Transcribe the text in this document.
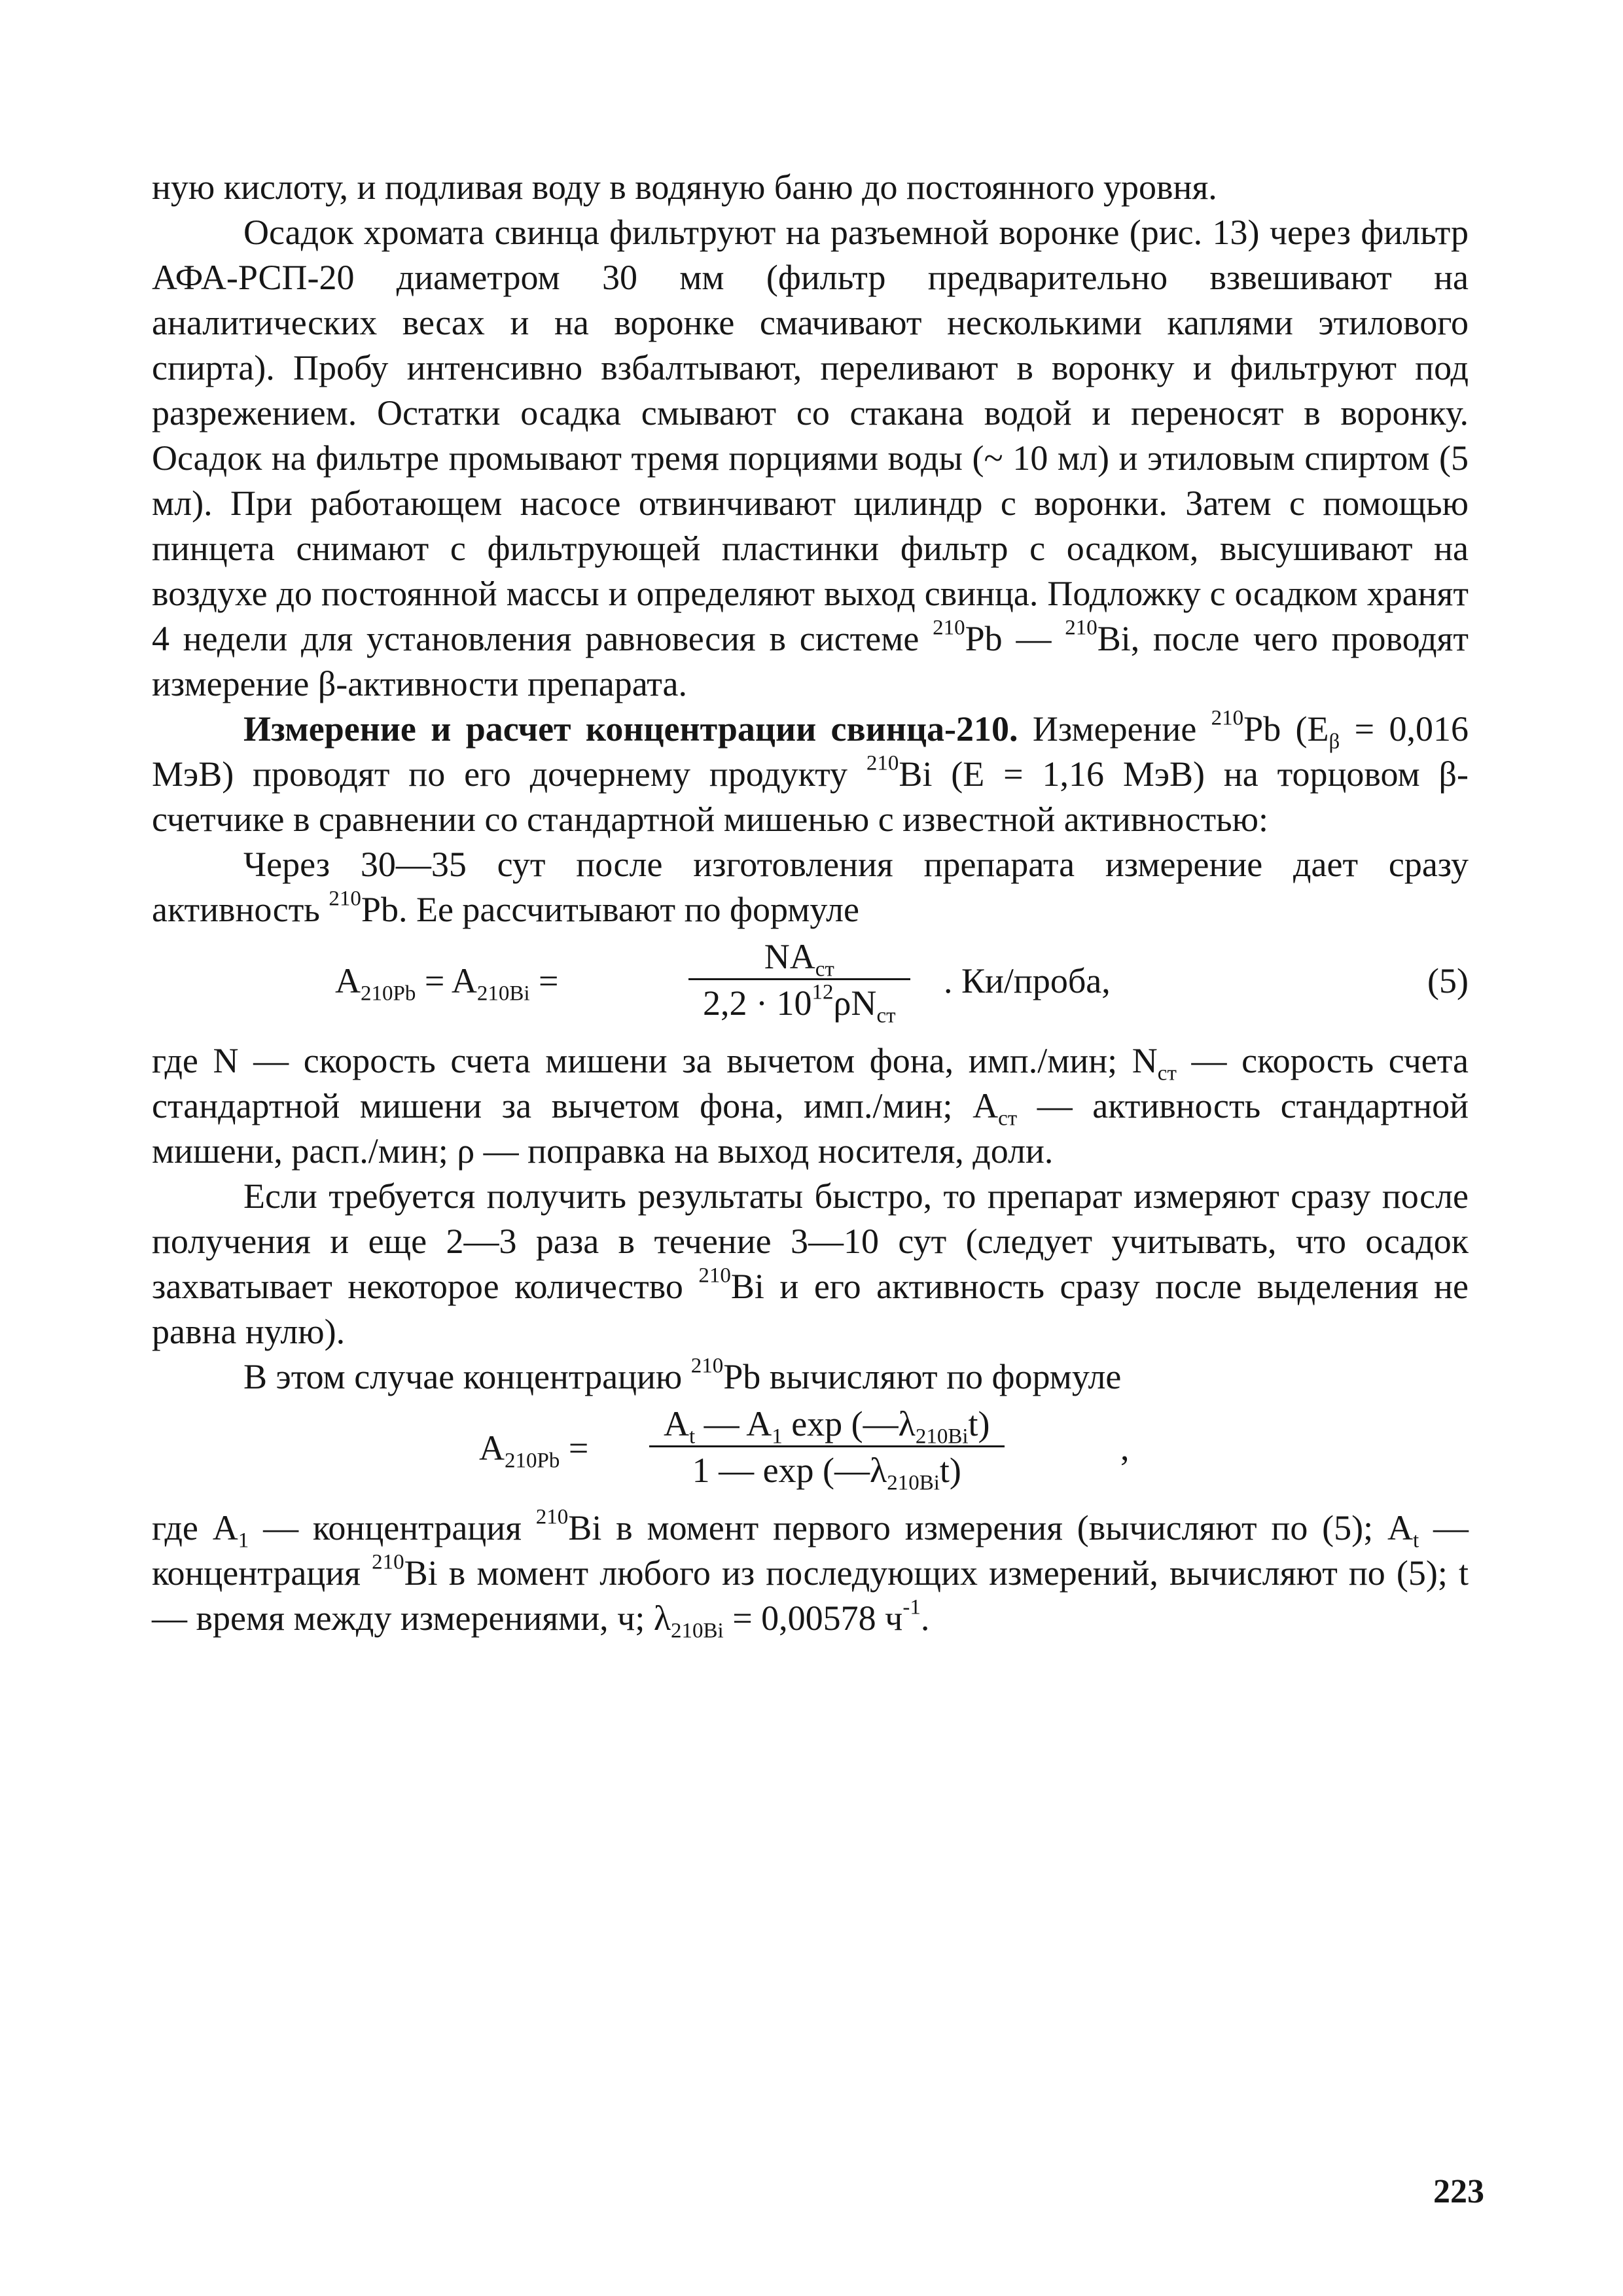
ную кислоту, и подливая воду в водяную баню до постоянного уровня.

Осадок хромата свинца фильтруют на разъемной воронке (рис. 13) через фильтр АФА-РСП-20 диаметром 30 мм (фильтр предварительно взвешивают на аналитических весах и на воронке смачивают несколькими каплями этилового спирта). Пробу интенсивно взбалтывают, переливают в воронку и фильтруют под разрежением. Остатки осадка смывают со стакана водой и переносят в воронку. Осадок на фильтре промывают тремя порциями воды (~ 10 мл) и этиловым спиртом (5 мл). При работающем насосе отвинчивают цилиндр с воронки. Затем с помощью пинцета снимают с фильтрующей пластинки фильтр с осадком, высушивают на воздухе до постоянной массы и определяют выход свинца. Подложку с осадком хранят 4 недели для установления равновесия в системе $^{210}$Pb — $^{210}$Bi, после чего проводят измерение β-активности препарата.

Измерение и расчет концентрации свинца-210. Измерение $^{210}$Pb ($E_\beta = 0,016$ МэВ) проводят по его дочернему продукту $^{210}$Bi (E = 1,16 МэВ) на торцовом β-счетчике в сравнении со стандартной мишенью с известной активностью:

Через 30—35 сут после изготовления препарата измерение дает сразу активность $^{210}$Pb. Ее рассчитывают по формуле

$A_{210Pb} = A_{210Bi}$ =
$NA_{ст}$
$2,2 \cdot 10^{12}\rho N_{ст}$
. Ки/проба,	(5)

где N — скорость счета мишени за вычетом фона, имп./мин; $N_{ст}$ — скорость счета стандартной мишени за вычетом фона, имп./мин; $A_{ст}$ — активность стандартной мишени, расп./мин; ρ — поправка на выход носителя, доли.

Если требуется получить результаты быстро, то препарат измеряют сразу после получения и еще 2—3 раза в течение 3—10 сут (следует учитывать, что осадок захватывает некоторое количество $^{210}$Bi и его активность сразу после выделения не равна нулю).

В этом случае концентрацию $^{210}$Pb вычисляют по формуле

$A_{210Pb}$ =
$A_t$ — $A_1$ $\exp (—\lambda_{210Bi}t)$
1 — $\exp (—\lambda_{210Bi}t)$
,

где $A_1$ — концентрация $^{210}$Bi в момент первого измерения (вычисляют по (5); $A_t$ — концентрация $^{210}$Bi в момент любого из последующих измерений, вычисляют по (5); t — время между измерениями, ч; $\lambda_{210Bi} = 0,00578$ $ч^{-1}$.

223
